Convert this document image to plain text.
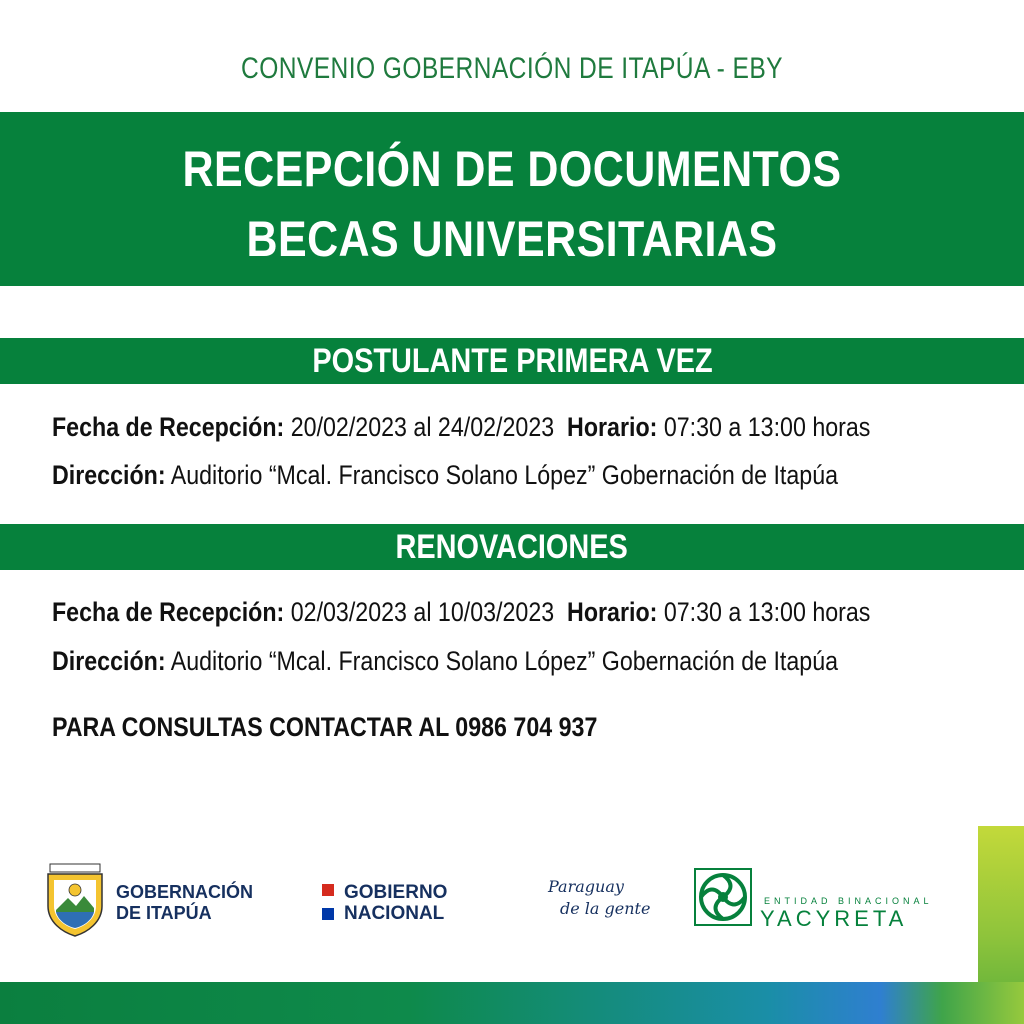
CONVENIO GOBERNACIÓN DE ITAPÚA - EBY
RECEPCIÓN DE DOCUMENTOS
BECAS UNIVERSITARIAS
POSTULANTE PRIMERA VEZ
Fecha de Recepción: 20/02/2023 al 24/02/2023 Horario: 07:30 a 13:00 horas
Dirección: Auditorio “Mcal. Francisco Solano López” Gobernación de Itapúa
RENOVACIONES
Fecha de Recepción: 02/03/2023 al 10/03/2023 Horario: 07:30 a 13:00 horas
Dirección: Auditorio “Mcal. Francisco Solano López” Gobernación de Itapúa
PARA CONSULTAS CONTACTAR AL 0986 704 937
GOBERNACIÓN
DE ITAPÚA
GOBIERNO
NACIONAL
Paraguay
de la gente	ENTIDAD BINACIONAL
YACYRETA
